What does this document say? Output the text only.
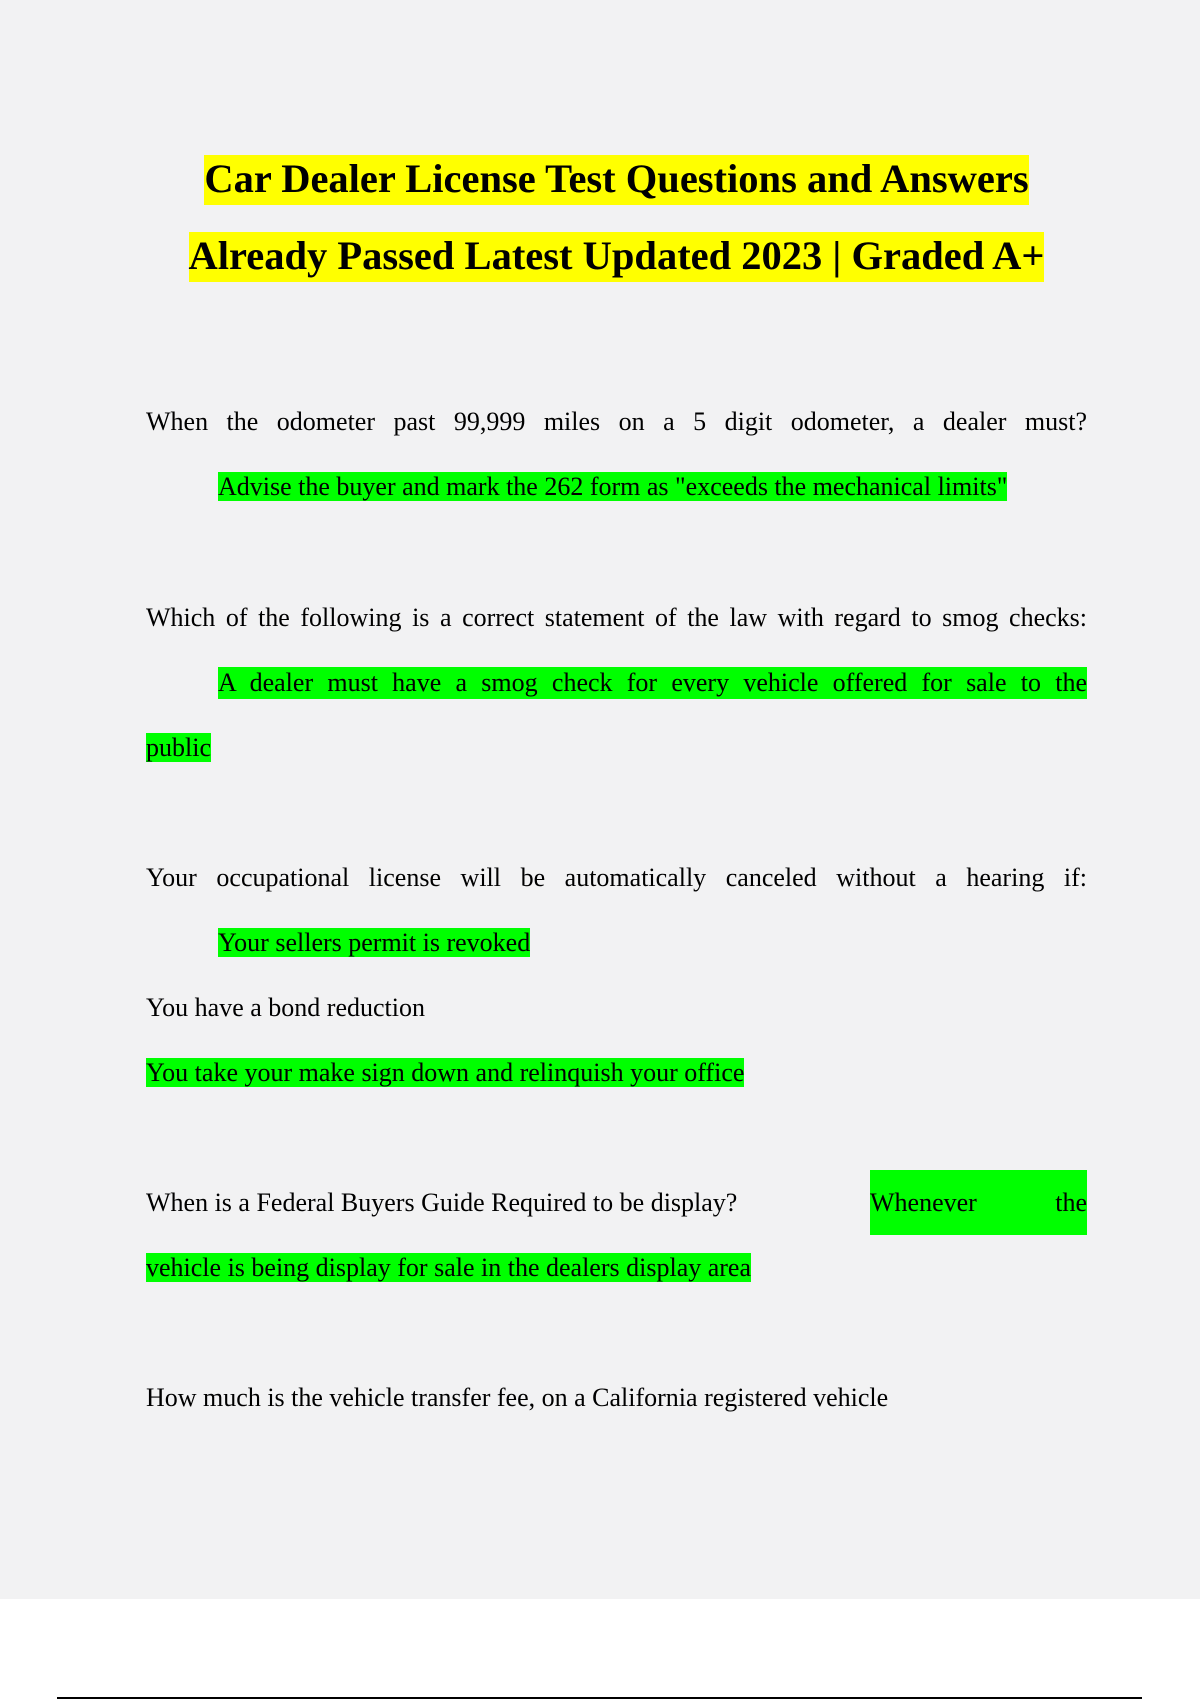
Car Dealer License Test Questions and Answers
Already Passed Latest Updated 2023 | Graded A+
When the odometer past 99,999 miles on a 5 digit odometer, a dealer must?
Advise the buyer and mark the 262 form as "exceeds the mechanical limits"
Which of the following is a correct statement of the law with regard to smog checks:
A dealer must have a smog check for every vehicle offered for sale to the
public
Your occupational license will be automatically canceled without a hearing if:
Your sellers permit is revoked
You have a bond reduction
You take your make sign down and relinquish your office
When is a Federal Buyers Guide Required to be display?	Whenever	the
vehicle is being display for sale in the dealers display area
How much is the vehicle transfer fee, on a California registered vehicle
